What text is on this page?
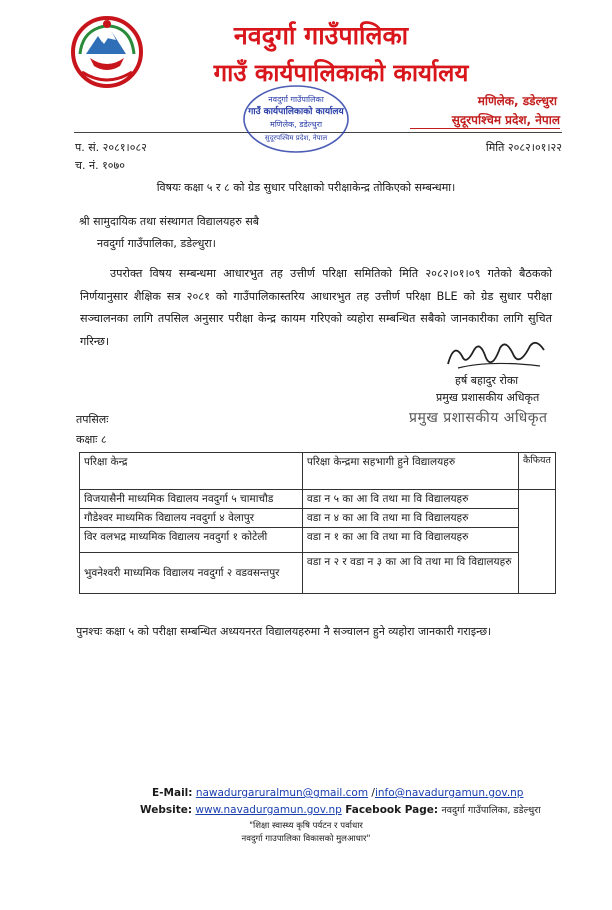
नवदुर्गा गाउँपालिका
गाउँ कार्यपालिकाको कार्यालय
मणिलेक, डडेल्धुरा
सुदूरपश्चिम प्रदेश, नेपाल
नवदुर्गा गाउँपालिका
गाउँ कार्यपालिकाको कार्यालय
मणिलेक, डडेल्धुरा
सुदूरपश्चिम प्रदेश, नेपाल
प. सं. २०८१।०८२
च. नं. १०७०
मिति २०८२।०१।२२
विषयः कक्षा ५ र ८ को ग्रेड सुधार परिक्षाको परीक्षाकेन्द्र तोकिएको सम्बन्धमा।
श्री सामुदायिक तथा संस्थागत विद्यालयहरु सबै
नवदुर्गा गाउँपालिका, डडेल्धुरा।
उपरोक्त विषय सम्बन्धमा आधारभुत तह उत्तीर्ण परिक्षा समितिको मिति २०८२।०१।०९ गतेको बैठकको निर्णयानुसार शैक्षिक सत्र २०८१ को गाउँपालिकास्तरिय आधारभुत तह उत्तीर्ण परिक्षा BLE को ग्रेड सुधार परीक्षा सञ्चालनका लागि तपसिल अनुसार परीक्षा केन्द्र कायम गरिएको व्यहोरा सम्बन्धित सबैको जानकारीका लागि सुचित गरिन्छ।
हर्ष बहादुर रोका
प्रमुख प्रशासकीय अधिकृत
प्रमुख प्रशासकीय अधिकृत
तपसिलः
कक्षाः ८
परिक्षा केन्द्र	परिक्षा केन्द्रमा सहभागी हुने विद्यालयहरु	कैफियत
विजयासैनी माध्यमिक विद्यालय नवदुर्गा ५ चामाचौड	वडा न ५ का आ वि तथा मा वि विद्यालयहरु	
गौडेश्वर माध्यमिक विद्यालय नवदुर्गा ४ वेलापुर	वडा न ४ का आ वि तथा मा वि विद्यालयहरु	
विर वलभद्र माध्यमिक विद्यालय नवदुर्गा १ कोटेली	वडा न १ का आ वि तथा मा वि विद्यालयहरु	
भुवनेश्वरी माध्यमिक विद्यालय नवदुर्गा २ वडवसन्तपुर	वडा न २ र वडा न ३ का आ वि तथा मा वि विद्यालयहरु	
पुनश्चः कक्षा ५ को परीक्षा सम्बन्धित अध्ययनरत विद्यालयहरुमा नै सञ्चालन हुने व्यहोरा जानकारी गराइन्छ।
E-Mail: nawadurgaruralmun@gmail.com /info@navadurgamun.gov.np
Website: www.navadurgamun.gov.np Facebook Page: नवदुर्गा गाउँपालिका, डडेल्धुरा
"शिक्षा स्वास्थ्य कृषि पर्यटन र पर्वाधार
नवदुर्गा गाउपालिका विकासको मुलआधार"
